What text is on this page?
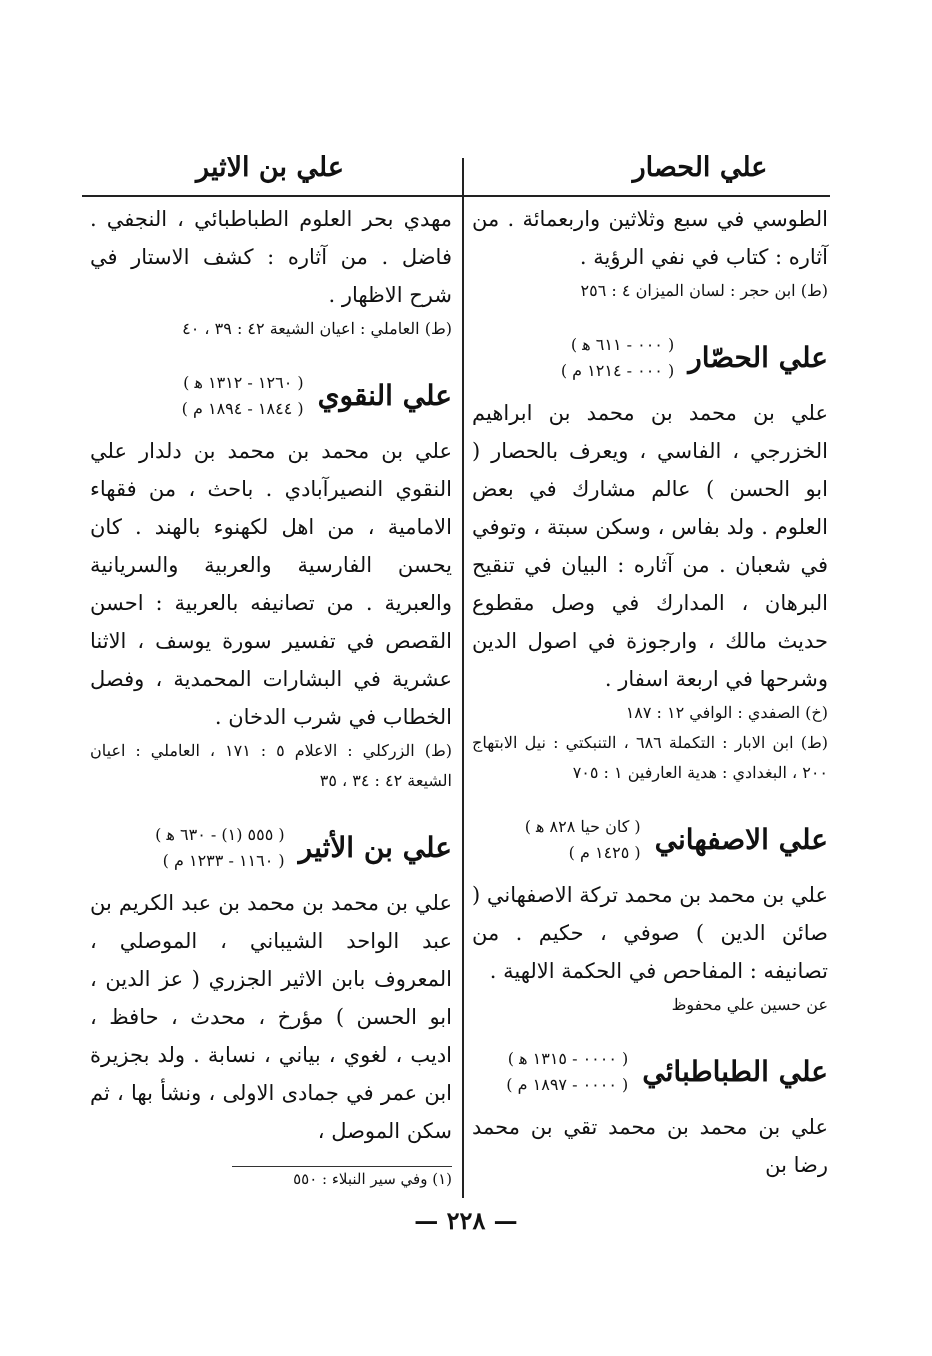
علي الحصار
علي بن الاثير

الطوسي في سبع وثلاثين واربعمائة . من آثاره : كتاب في نفي الرؤية .

(ط) ابن حجر : لسان الميزان ٤ : ٢٥٦

علي الحصّار
( ٠٠٠ - ٦١١ ﻫ )
( ٠٠٠ - ١٢١٤ م )

علي بن محمد بن محمد بن ابراهيم الخزرجي ، الفاسي ، ويعرف بالحصار ( ابو الحسن ) عالم مشارك في بعض العلوم . ولد بفاس ، وسكن سبتة ، وتوفي في شعبان . من آثاره : البيان في تنقيح البرهان ، المدارك في وصل مقطوع حديث مالك ، وارجوزة في اصول الدين وشرحها في اربعة اسفار .

(خ) الصفدي : الوافي ١٢ : ١٨٧

(ط) ابن الابار : التكملة ٦٨٦ ، التنبكتي : نيل الابتهاج ٢٠٠ ، البغدادي : هدية العارفين ١ : ٧٠٥

علي الاصفهاني
( كان حيا ٨٢٨ ﻫ )
( ١٤٢٥ م )

علي بن محمد بن محمد تركة الاصفهاني ( صائن الدين ) صوفي ، حكيم . من تصانيفه : المفاحص في الحكمة الالهية .

عن حسين علي محفوظ

علي الطباطبائي
( ٠٠٠٠ - ١٣١٥ ﻫ )
( ٠٠٠٠ - ١٨٩٧ م )

علي بن محمد بن محمد تقي بن محمد رضا بن

مهدي بحر العلوم الطباطبائي ، النجفي . فاضل . من آثاره : كشف الاستار في شرح الاظهار .

(ط) العاملي : اعيان الشيعة ٤٢ : ٣٩ ، ٤٠

علي النقوي
( ١٢٦٠ - ١٣١٢ ﻫ )
( ١٨٤٤ - ١٨٩٤ م )

علي بن محمد بن محمد بن دلدار علي النقوي النصيرآبادي . باحث ، من فقهاء الامامية ، من اهل لكهنوء بالهند . كان يحسن الفارسية والعربية والسريانية والعبرية . من تصانيفه بالعربية : احسن القصص في تفسير سورة يوسف ، الاثنا عشرية في البشارات المحمدية ، وفصل الخطاب في شرب الدخان .

(ط) الزركلي : الاعلام ٥ : ١٧١ ، العاملي : اعيان الشيعة ٤٢ : ٣٤ ، ٣٥

علي بن الأثير
( ٥٥٥ (١) - ٦٣٠ ﻫ )
( ١١٦٠ - ١٢٣٣ م )

علي بن محمد بن محمد بن عبد الكريم بن عبد الواحد الشيباني ، الموصلي ، المعروف بابن الاثير الجزري ( عز الدين ، ابو الحسن ) مؤرخ ، محدث ، حافظ ، اديب ، لغوي ، بياني ، نسابة . ولد بجزيرة ابن عمر في جمادى الاولى ، ونشأ بها ، ثم سكن الموصل ،

(١) وفي سير النبلاء : ٥٥٠
— ٢٢٨ —
